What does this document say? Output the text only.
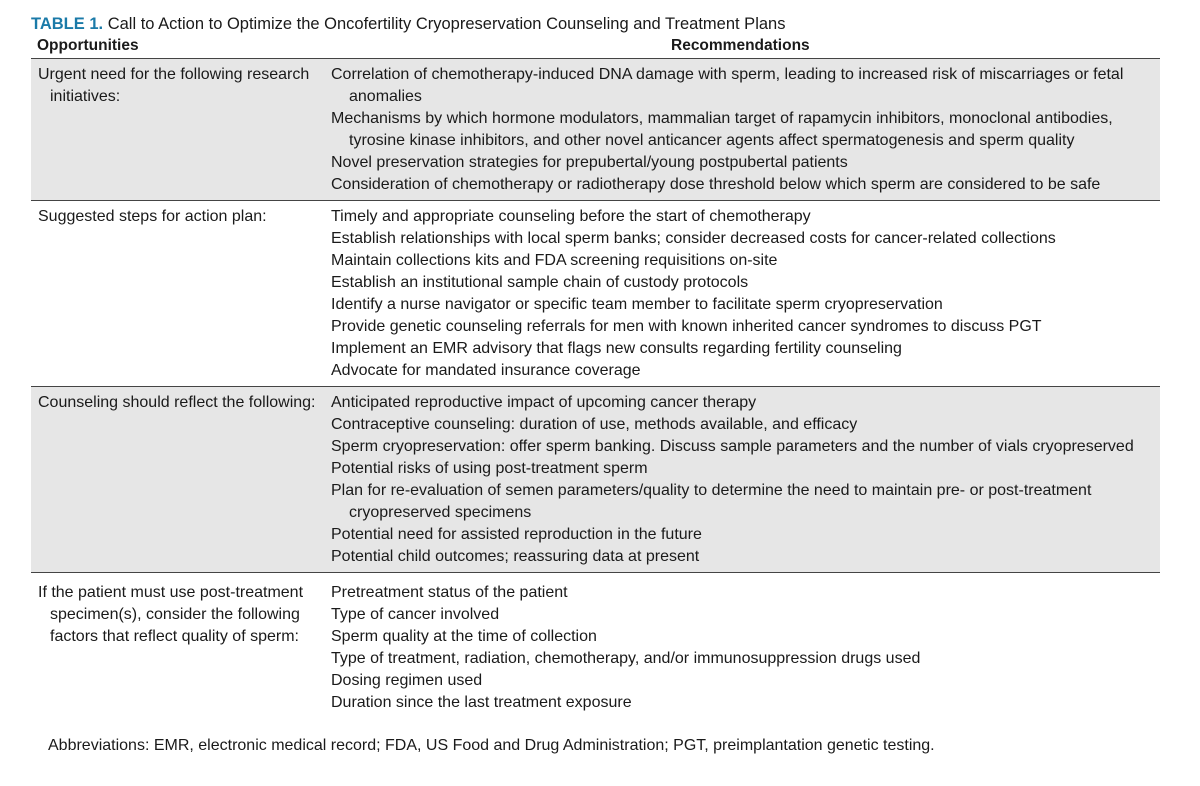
TABLE 1. Call to Action to Optimize the Oncofertility Cryopreservation Counseling and Treatment Plans
Opportunities	Recommendations
Urgent need for the following research initiatives:
Correlation of chemotherapy-induced DNA damage with sperm, leading to increased risk of miscarriages or fetal anomalies
Mechanisms by which hormone modulators, mammalian target of rapamycin inhibitors, monoclonal antibodies, tyrosine kinase inhibitors, and other novel anticancer agents affect spermatogenesis and sperm quality
Novel preservation strategies for prepubertal/young postpubertal patients
Consideration of chemotherapy or radiotherapy dose threshold below which sperm are considered to be safe
Suggested steps for action plan:	Timely and appropriate counseling before the start of chemotherapy
Establish relationships with local sperm banks; consider decreased costs for cancer-related collections
Maintain collections kits and FDA screening requisitions on-site
Establish an institutional sample chain of custody protocols
Identify a nurse navigator or specific team member to facilitate sperm cryopreservation
Provide genetic counseling referrals for men with known inherited cancer syndromes to discuss PGT
Implement an EMR advisory that flags new consults regarding fertility counseling
Advocate for mandated insurance coverage
Counseling should reflect the following: Anticipated reproductive impact of upcoming cancer therapy
Contraceptive counseling: duration of use, methods available, and efficacy
Sperm cryopreservation: offer sperm banking. Discuss sample parameters and the number of vials cryopreserved
Potential risks of using post-treatment sperm
Plan for re-evaluation of semen parameters/quality to determine the need to maintain pre- or post-treatment cryopreserved specimens
Potential need for assisted reproduction in the future
Potential child outcomes; reassuring data at present
If the patient must use post-treatment specimen(s), consider the following factors that reflect quality of sperm:
Pretreatment status of the patient
Type of cancer involved
Sperm quality at the time of collection
Type of treatment, radiation, chemotherapy, and/or immunosuppression drugs used
Dosing regimen used
Duration since the last treatment exposure
Abbreviations: EMR, electronic medical record; FDA, US Food and Drug Administration; PGT, preimplantation genetic testing.
